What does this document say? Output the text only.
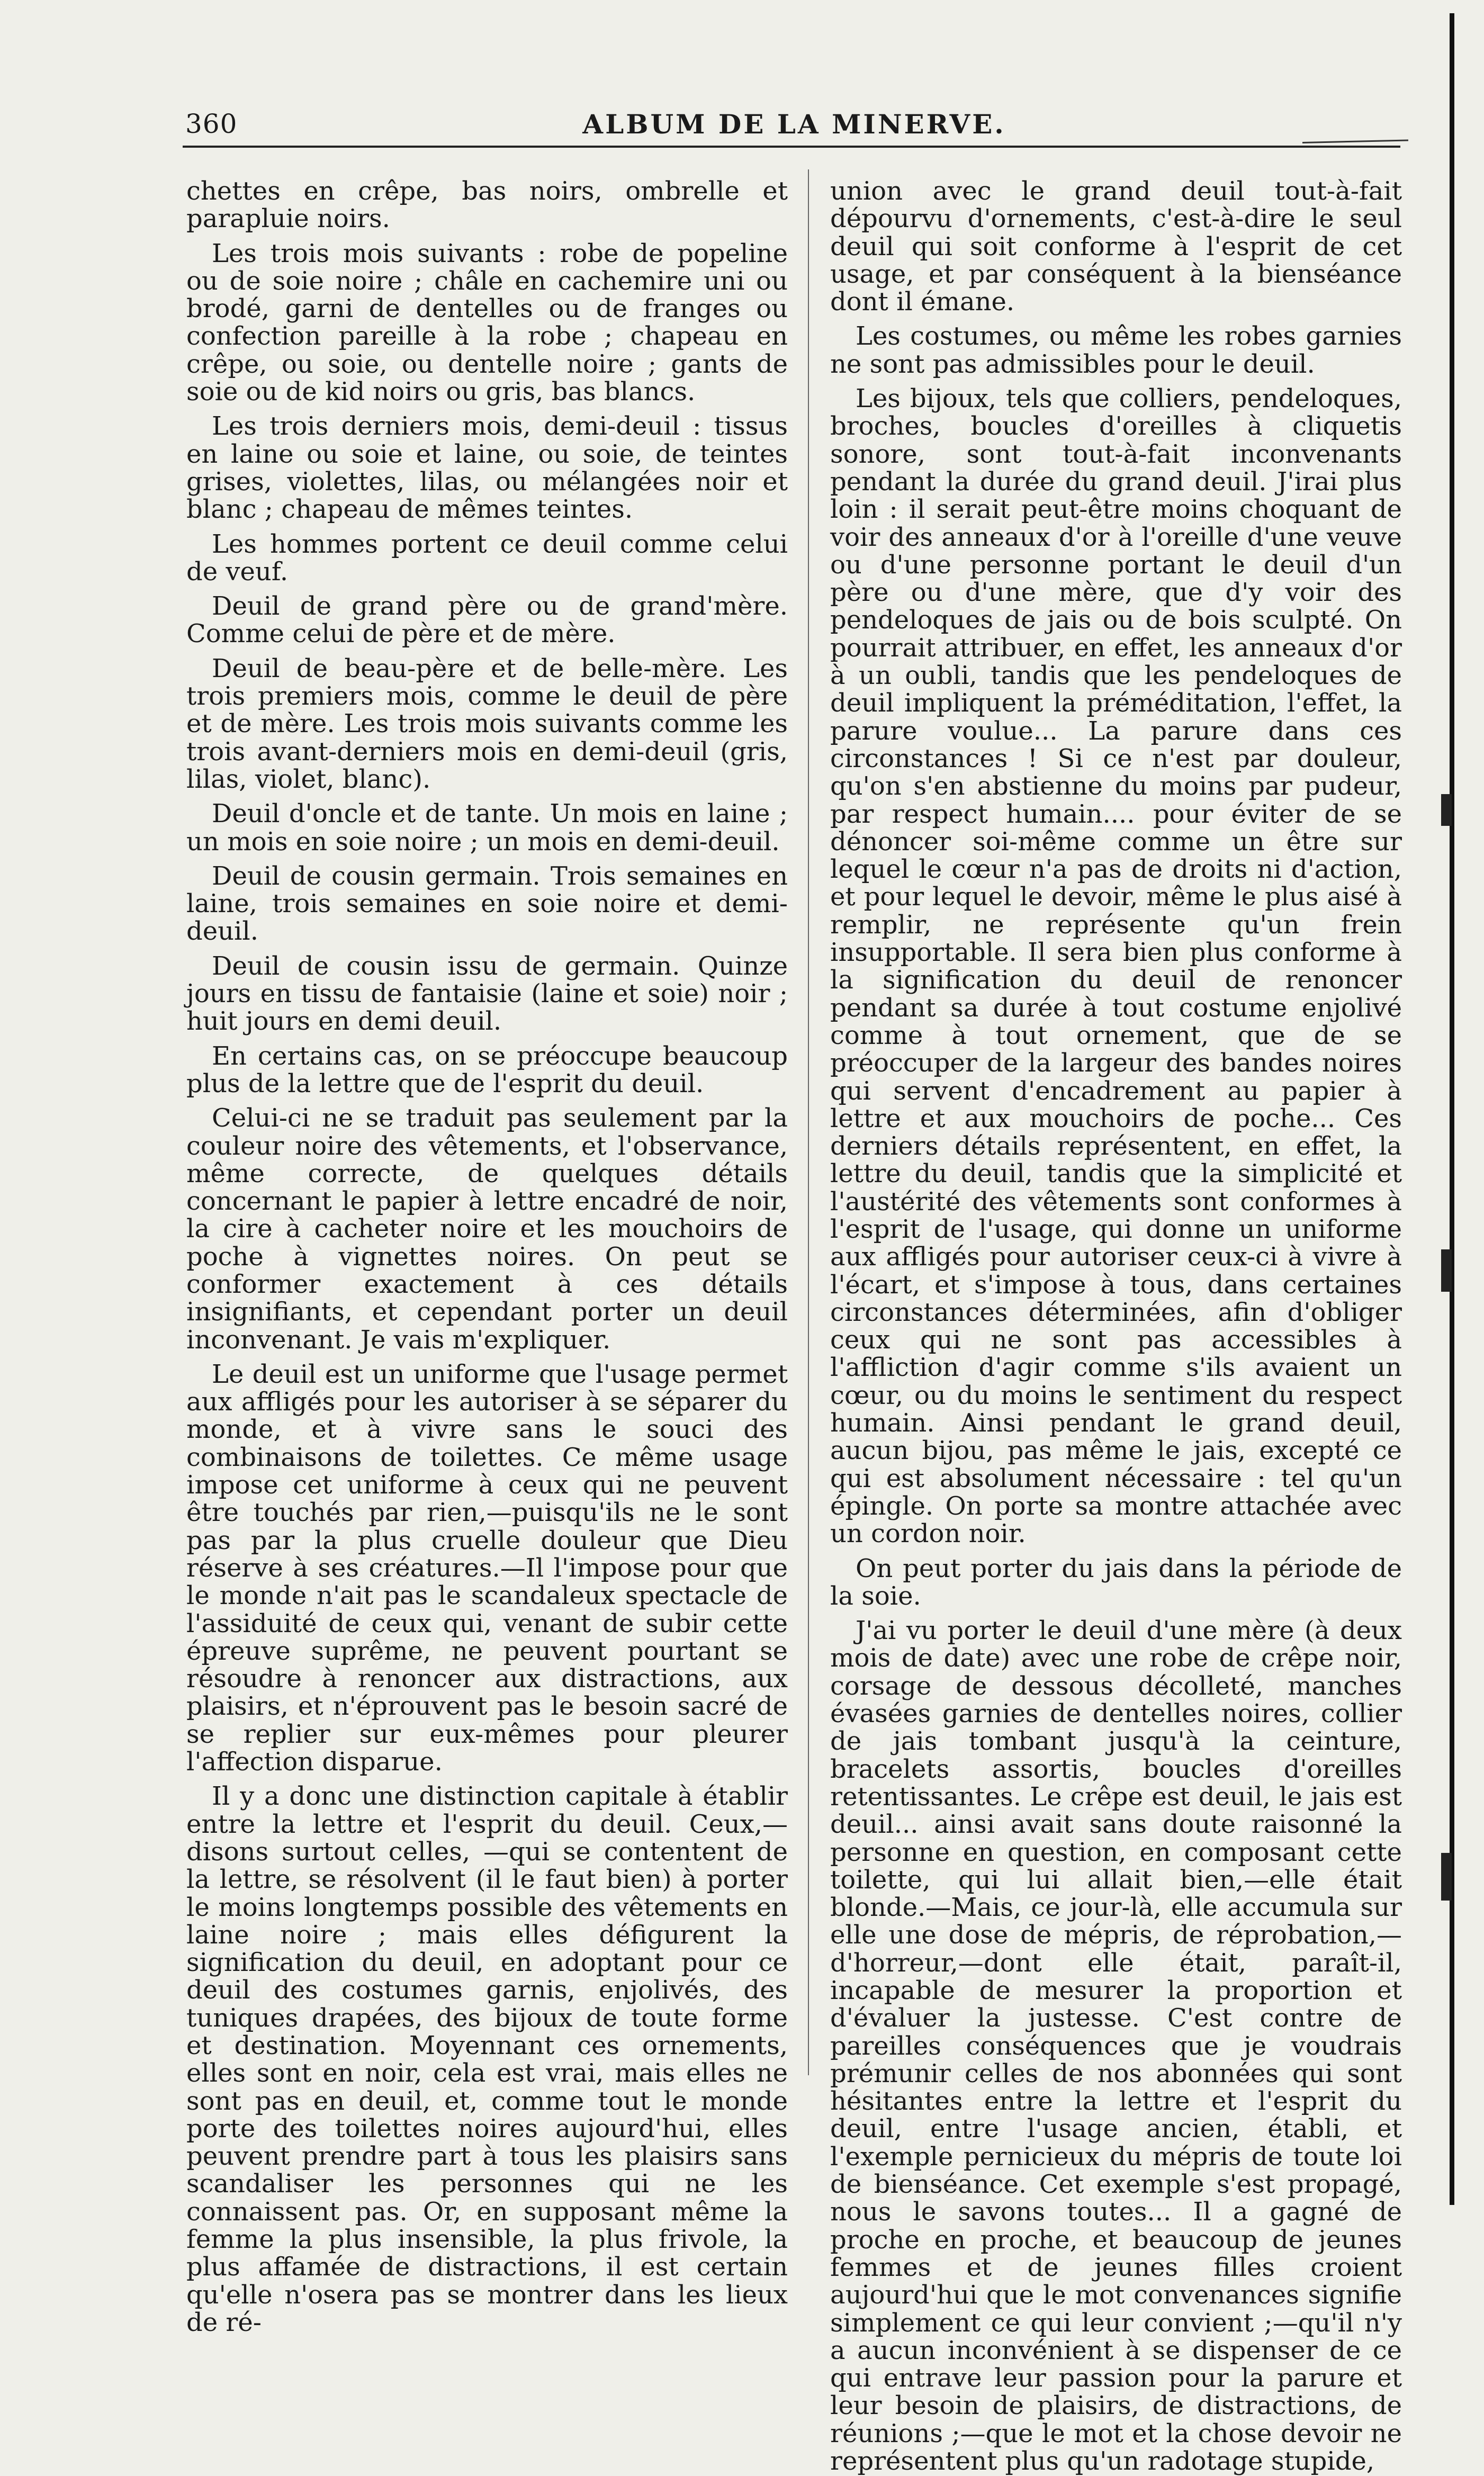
360	ALBUM DE LA MINERVE.

chettes en crêpe, bas noirs, ombrelle et parapluie noirs.

Les trois mois suivants : robe de popeline ou de soie noire ; châle en cachemire uni ou brodé, garni de dentelles ou de franges ou confection pareille à la robe ; chapeau en crêpe, ou soie, ou dentelle noire ; gants de soie ou de kid noirs ou gris, bas blancs.

Les trois derniers mois, demi-deuil : tissus en laine ou soie et laine, ou soie, de teintes grises, violettes, lilas, ou mélangées noir et blanc ; chapeau de mêmes teintes.

Les hommes portent ce deuil comme celui de veuf.

Deuil de grand père ou de grand'mère. Comme celui de père et de mère.

Deuil de beau-père et de belle-mère. Les trois premiers mois, comme le deuil de père et de mère. Les trois mois suivants comme les trois avant-derniers mois en demi-deuil (gris, lilas, violet, blanc).

Deuil d'oncle et de tante. Un mois en laine ; un mois en soie noire ; un mois en demi-deuil.

Deuil de cousin germain. Trois semaines en laine, trois semaines en soie noire et demi-deuil.

Deuil de cousin issu de germain. Quinze jours en tissu de fantaisie (laine et soie) noir ; huit jours en demi deuil.

En certains cas, on se préoccupe beaucoup plus de la lettre que de l'esprit du deuil.

Celui-ci ne se traduit pas seulement par la couleur noire des vêtements, et l'observance, même correcte, de quelques détails concernant le papier à lettre encadré de noir, la cire à cacheter noire et les mouchoirs de poche à vignettes noires. On peut se conformer exactement à ces détails insignifiants, et cependant porter un deuil inconvenant. Je vais m'expliquer.

Le deuil est un uniforme que l'usage permet aux affligés pour les autoriser à se séparer du monde, et à vivre sans le souci des combinaisons de toilettes. Ce même usage impose cet uniforme à ceux qui ne peuvent être touchés par rien,—puisqu'ils ne le sont pas par la plus cruelle douleur que Dieu réserve à ses créatures.—Il l'impose pour que le monde n'ait pas le scandaleux spectacle de l'assiduité de ceux qui, venant de subir cette épreuve suprême, ne peuvent pourtant se résoudre à renoncer aux distractions, aux plaisirs, et n'éprouvent pas le besoin sacré de se replier sur eux-mêmes pour pleurer l'affection disparue.

Il y a donc une distinction capitale à établir entre la lettre et l'esprit du deuil. Ceux,—disons surtout celles, —qui se contentent de la lettre, se résolvent (il le faut bien) à porter le moins longtemps possible des vêtements en laine noire ; mais elles défigurent la signification du deuil, en adoptant pour ce deuil des costumes garnis, enjolivés, des tuniques drapées, des bijoux de toute forme et destination. Moyennant ces ornements, elles sont en noir, cela est vrai, mais elles ne sont pas en deuil, et, comme tout le monde porte des toilettes noires aujourd'hui, elles peuvent prendre part à tous les plaisirs sans scandaliser les personnes qui ne les connaissent pas. Or, en supposant même la femme la plus insensible, la plus frivole, la plus affamée de distractions, il est certain qu'elle n'osera pas se montrer dans les lieux de ré-

union avec le grand deuil tout-à-fait dépourvu d'ornements, c'est-à-dire le seul deuil qui soit conforme à l'esprit de cet usage, et par conséquent à la bienséance dont il émane.

Les costumes, ou même les robes garnies ne sont pas admissibles pour le deuil.

Les bijoux, tels que colliers, pendeloques, broches, boucles d'oreilles à cliquetis sonore, sont tout-à-fait inconvenants pendant la durée du grand deuil. J'irai plus loin : il serait peut-être moins choquant de voir des anneaux d'or à l'oreille d'une veuve ou d'une personne portant le deuil d'un père ou d'une mère, que d'y voir des pendeloques de jais ou de bois sculpté. On pourrait attribuer, en effet, les anneaux d'or à un oubli, tandis que les pendeloques de deuil impliquent la préméditation, l'effet, la parure voulue... La parure dans ces circonstances ! Si ce n'est par douleur, qu'on s'en abstienne du moins par pudeur, par respect humain.... pour éviter de se dénoncer soi-même comme un être sur lequel le cœur n'a pas de droits ni d'action, et pour lequel le devoir, même le plus aisé à remplir, ne représente qu'un frein insupportable. Il sera bien plus conforme à la signification du deuil de renoncer pendant sa durée à tout costume enjolivé comme à tout ornement, que de se préoccuper de la largeur des bandes noires qui servent d'encadrement au papier à lettre et aux mouchoirs de poche... Ces derniers détails représentent, en effet, la lettre du deuil, tandis que la simplicité et l'austérité des vêtements sont conformes à l'esprit de l'usage, qui donne un uniforme aux affligés pour autoriser ceux-ci à vivre à l'écart, et s'impose à tous, dans certaines circonstances déterminées, afin d'obliger ceux qui ne sont pas accessibles à l'affliction d'agir comme s'ils avaient un cœur, ou du moins le sentiment du respect humain. Ainsi pendant le grand deuil, aucun bijou, pas même le jais, excepté ce qui est absolument nécessaire : tel qu'un épingle. On porte sa montre attachée avec un cordon noir.

On peut porter du jais dans la période de la soie.

J'ai vu porter le deuil d'une mère (à deux mois de date) avec une robe de crêpe noir, corsage de dessous décolleté, manches évasées garnies de dentelles noires, collier de jais tombant jusqu'à la ceinture, bracelets assortis, boucles d'oreilles retentissantes. Le crêpe est deuil, le jais est deuil... ainsi avait sans doute raisonné la personne en question, en composant cette toilette, qui lui allait bien,—elle était blonde.—Mais, ce jour-là, elle accumula sur elle une dose de mépris, de réprobation,—d'horreur,—dont elle était, paraît-il, incapable de mesurer la proportion et d'évaluer la justesse. C'est contre de pareilles conséquences que je voudrais prémunir celles de nos abonnées qui sont hésitantes entre la lettre et l'esprit du deuil, entre l'usage ancien, établi, et l'exemple pernicieux du mépris de toute loi de bienséance. Cet exemple s'est propagé, nous le savons toutes... Il a gagné de proche en proche, et beaucoup de jeunes femmes et de jeunes filles croient aujourd'hui que le mot convenances signifie simplement ce qui leur convient ;—qu'il n'y a aucun inconvénient à se dispenser de ce qui entrave leur passion pour la parure et leur besoin de plaisirs, de distractions, de réunions ;—que le mot et la chose devoir ne représentent plus qu'un radotage stupide,
